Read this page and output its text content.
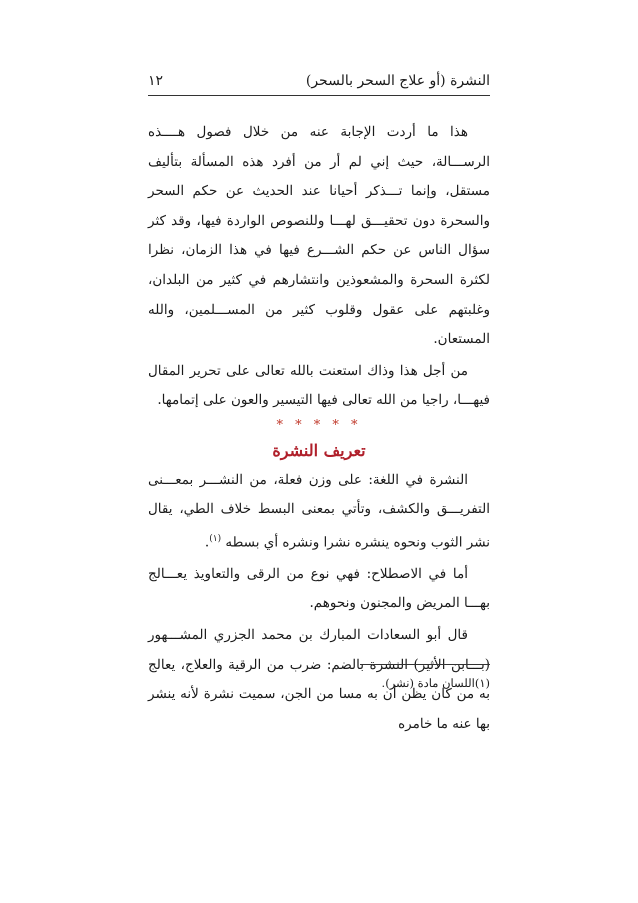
النشرة (أو علاج السحر بالسحر)
١٢

هذا ما أردت الإجابة عنه من خلال فصول هــــذه الرســـالة، حيث إني لم أر من أفرد هذه المسألة بتأليف مستقل، وإنما تـــذكر أحيانا عند الحديث عن حكم السحر والسحرة دون تحقيـــق لهـــا وللنصوص الواردة فيها، وقد كثر سؤال الناس عن حكم الشـــرع فيها في هذا الزمان، نظرا لكثرة السحرة والمشعوذين وانتشارهم في كثير من البلدان، وغلبتهم على عقول وقلوب كثير من المســـلمين، والله المستعان.

من أجل هذا وذاك استعنت بالله تعالى على تحرير المقال فيهـــا، راجيا من الله تعالى فيها التيسير والعون على إتمامها.

* * * * *

تعريف النشرة

النشرة في اللغة: على وزن فعلة، من النشـــر بمعـــنى التفريـــق والكشف، وتأتي بمعنى البسط خلاف الطي، يقال نشر الثوب ونحوه ينشره نشرا ونشره أي بسطه $^{(١)}$.

أما في الاصطلاح: فهي نوع من الرقى والتعاويذ يعـــالج بهـــا المريض والمجنون ونحوهم.

قال أبو السعادات المبارك بن محمد الجزري المشـــهور (بـــابن الأثير) النشرة بالضم: ضرب من الرقية والعلاج، يعالج به من كان يظن أن به مسا من الجن، سميت نشرة لأنه ينشر بها عنه ما خامره

(١)اللسان مادة (نشر).
